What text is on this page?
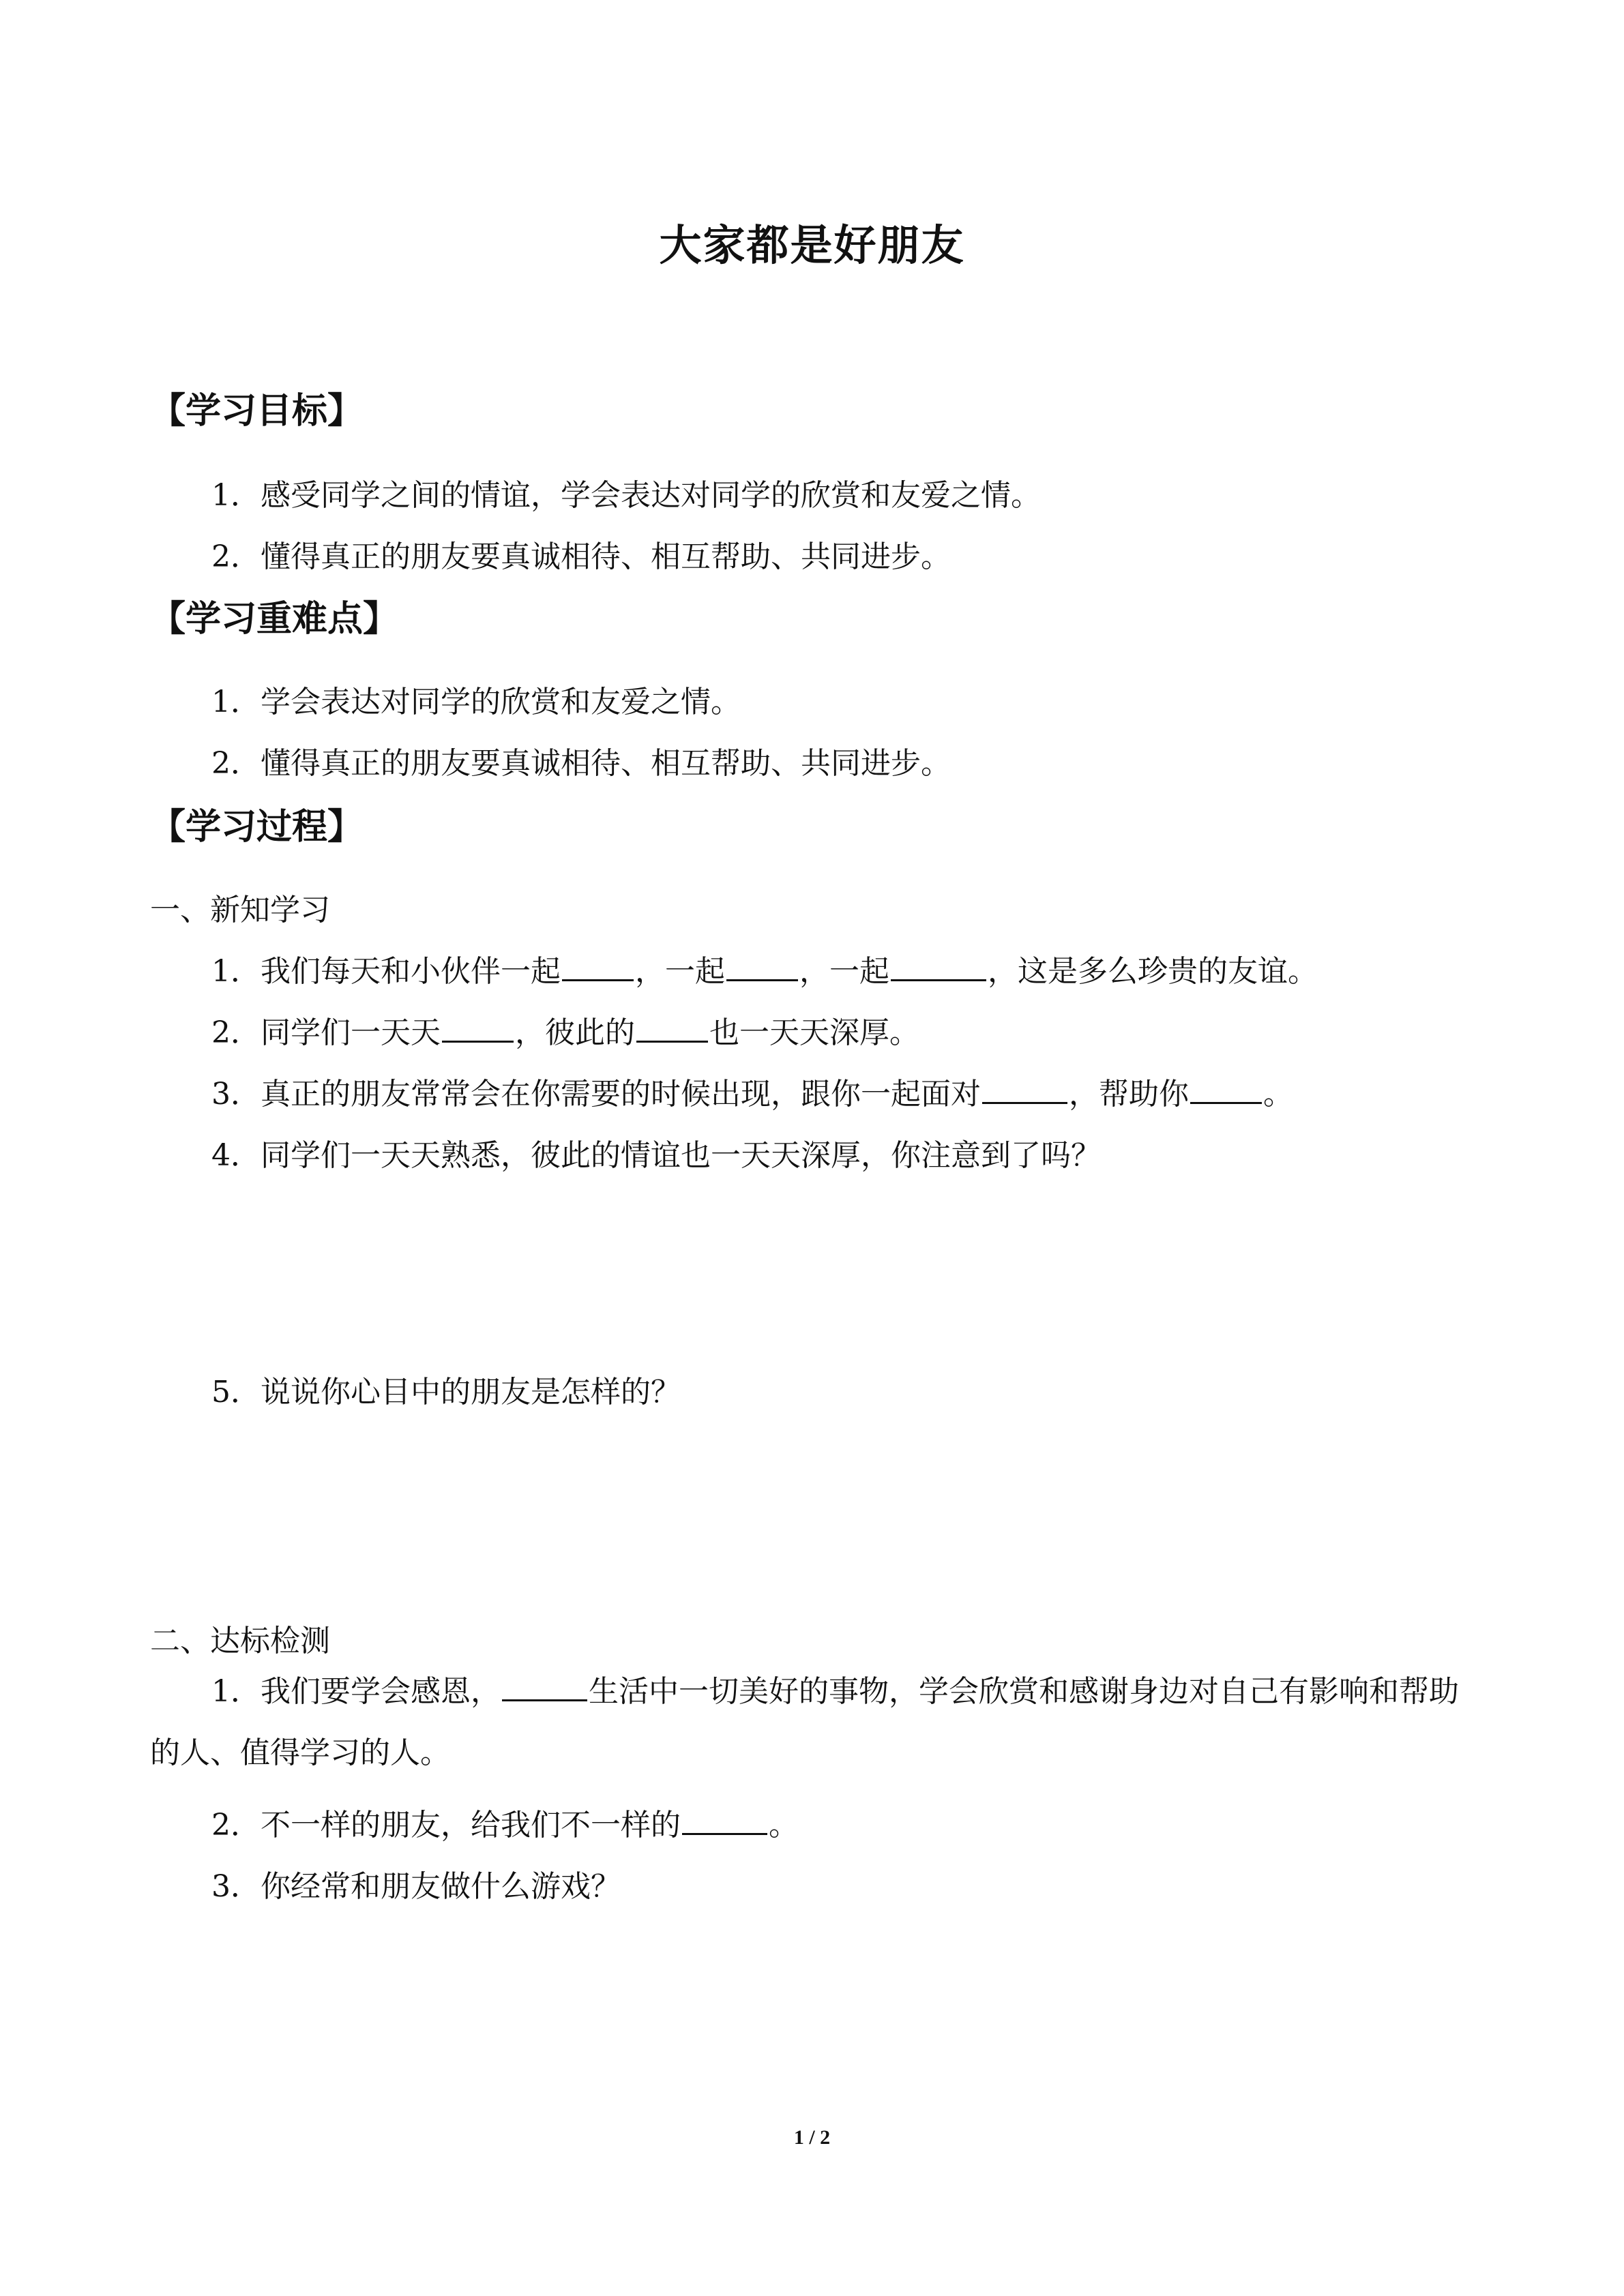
大家都是好朋友
【学习目标】
1．感受同学之间的情谊，学会表达对同学的欣赏和友爱之情。
2．懂得真正的朋友要真诚相待、相互帮助、共同进步。
【学习重难点】
1．学会表达对同学的欣赏和友爱之情。
2．懂得真正的朋友要真诚相待、相互帮助、共同进步。
【学习过程】
一、新知学习
1．我们每天和小伙伴一起 ，一起 ，一起	，这是多么珍贵的友谊。
2．同学们一天天 ，彼此的 也一天天深厚。
3．真正的朋友常常会在你需要的时候出现，跟你一起面对	，帮助你 。
4．同学们一天天熟悉，彼此的情谊也一天天深厚，你注意到了吗？
5．说说你心目中的朋友是怎样的？
二、达标检测
1．我们要学会感恩，	生活中一切美好的事物，学会欣赏和感谢身边对自己有影响和帮助的人、值得学习的人。
2．不一样的朋友，给我们不一样的	。
3．你经常和朋友做什么游戏？
1 / 2
